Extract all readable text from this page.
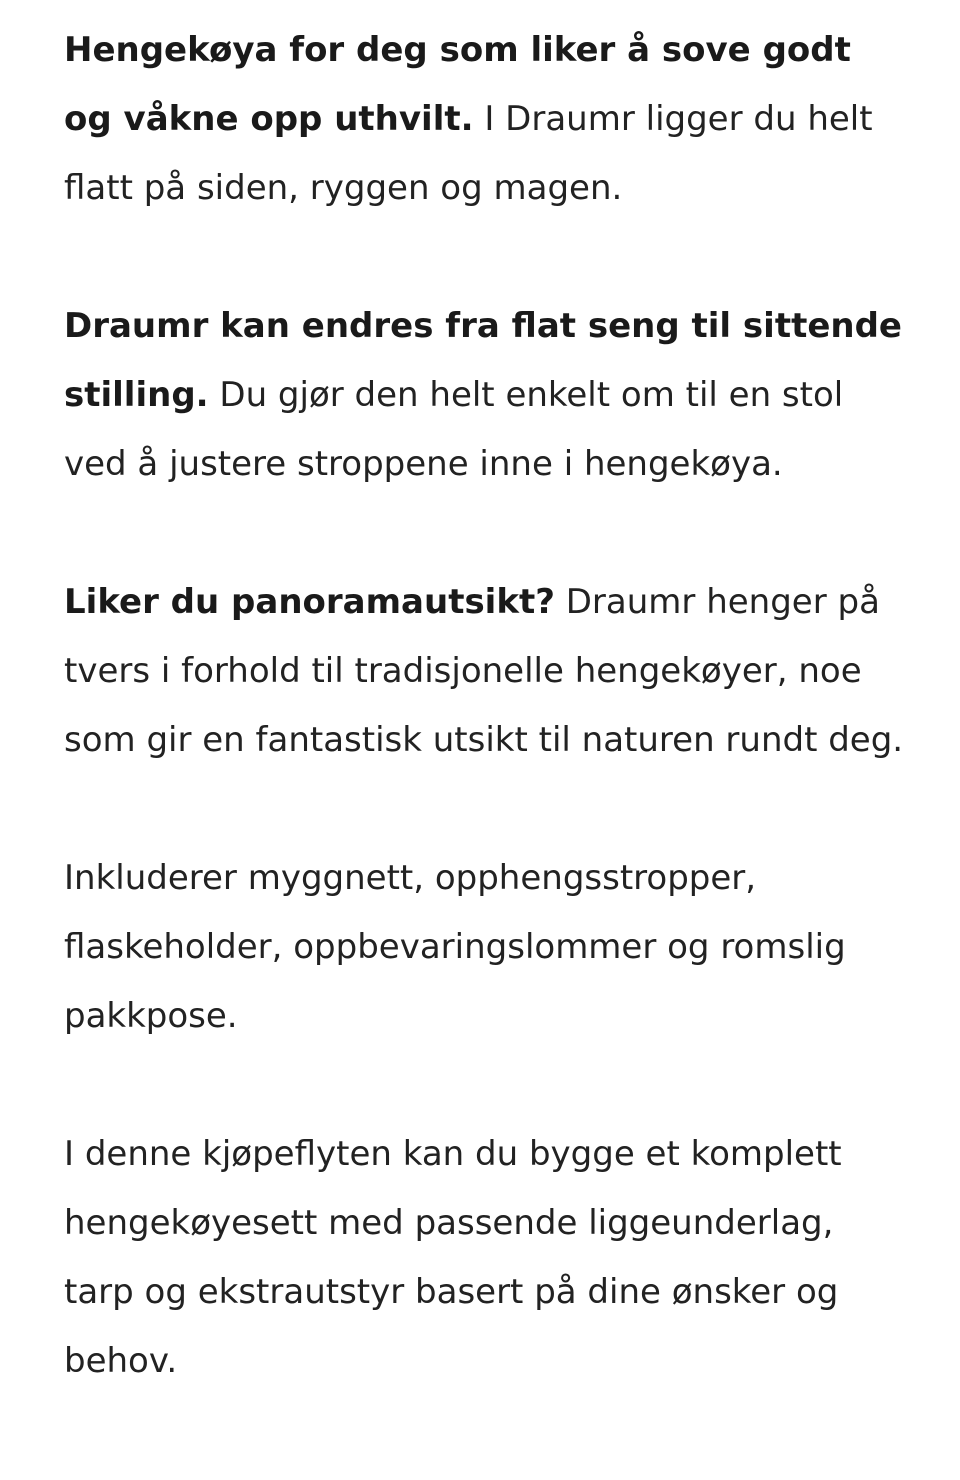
Hengekøya for deg som liker å sove godt og våkne opp uthvilt. I Draumr ligger du helt flatt på siden, ryggen og magen.

Draumr kan endres fra flat seng til sittende stilling. Du gjør den helt enkelt om til en stol ved å justere stroppene inne i hengekøya.

Liker du panoramautsikt? Draumr henger på tvers i forhold til tradisjonelle hengekøyer, noe som gir en fantastisk utsikt til naturen rundt deg.

Inkluderer myggnett, opphengsstropper, flaskeholder, oppbevaringslommer og romslig pakkpose.

I denne kjøpeflyten kan du bygge et komplett hengekøyesett med passende liggeunderlag, tarp og ekstrautstyr basert på dine ønsker og behov.
